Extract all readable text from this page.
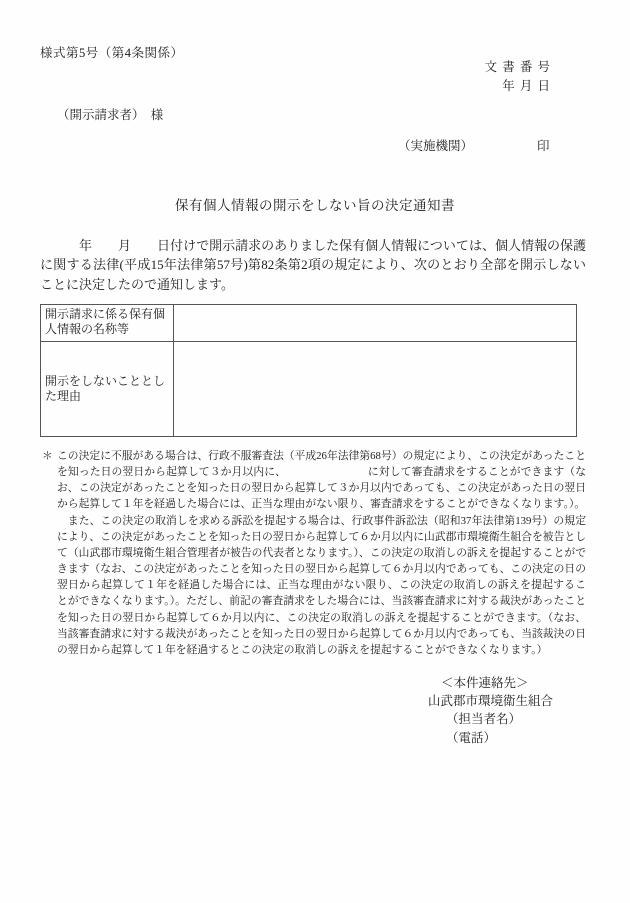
様式第5号（第4条関係）
文 書 番 号
年 月 日
（開示請求者）　様
（実施機関）	印
保有個人情報の開示をしない旨の決定通知書
　　　年　　月　　日付けで開示請求のありました保有個人情報については、個人情報の保護に関する法律(平成15年法律第57号)第82条第2項の規定により、次のとおり全部を開示しないことに決定したので通知します。
開示請求に係る保有個人情報の名称等	
開示をしないこととした理由	
＊ この決定に不服がある場合は、行政不服審査法（平成26年法律第68号）の規定により、この決定があったことを知った日の翌日から起算して３か月以内に、　　　　　　　　に対して審査請求をすることができます（なお、この決定があったことを知った日の翌日から起算して３か月以内であっても、この決定があった日の翌日から起算して１年を経過した場合には、正当な理由がない限り、審査請求をすることができなくなります。）。

また、この決定の取消しを求める訴訟を提起する場合は、行政事件訴訟法（昭和37年法律第139号）の規定により、この決定があったことを知った日の翌日から起算して６か月以内に山武郡市環境衛生組合を被告として（山武郡市環境衛生組合管理者が被告の代表者となります。）、この決定の取消しの訴えを提起することができます（なお、この決定があったことを知った日の翌日から起算して６か月以内であっても、この決定の日の翌日から起算して１年を経過した場合には、正当な理由がない限り、この決定の取消しの訴えを提起することができなくなります。）。ただし、前記の審査請求をした場合には、当該審査請求に対する裁決があったことを知った日の翌日から起算して６か月以内に、この決定の取消しの訴えを提起することができます。（なお、当該審査請求に対する裁決があったことを知った日の翌日から起算して６か月以内であっても、当該裁決の日の翌日から起算して１年を経過するとこの決定の取消しの訴えを提起することができなくなります。）

＜本件連絡先＞
山武郡市環境衛生組合
（担当者名）
（電話）
